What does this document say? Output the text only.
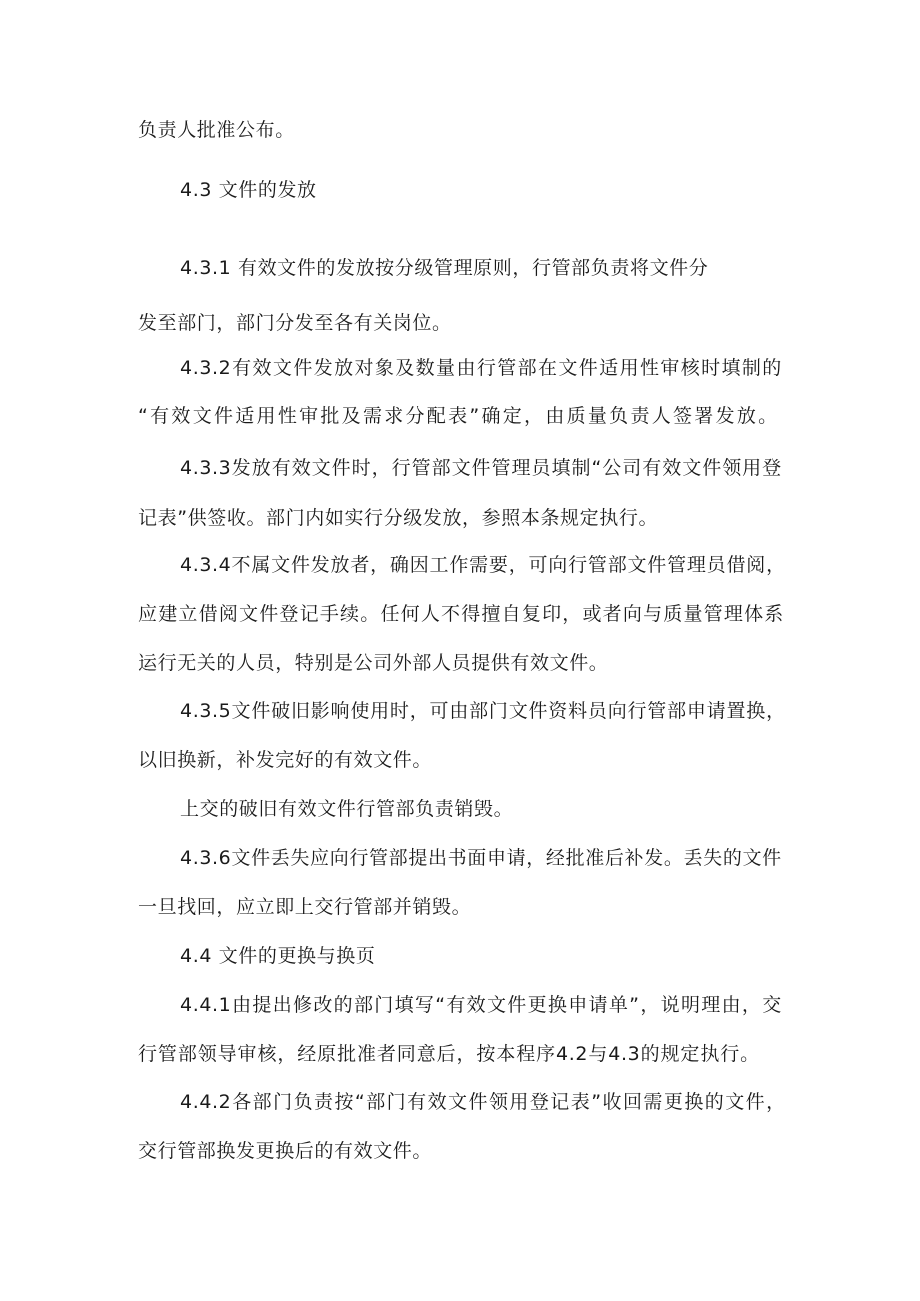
负责人批准公布。

4.3 文件的发放

4.3.1 有效文件的发放按分级管理原则，行管部负责将文件分

发至部门，部门分发至各有关岗位。

4.3.2 有 效 文 件 发 放 对 象 及 数 量 由 行 管 部 在 文 件 适 用 性 审 核 时 填 制 的

“ 有 效 文 件 适 用 性 审 批 及 需 求 分 配 表 ” 确 定 ， 由 质 量 负 责 人 签 署 发 放 。

4.3.3 发 放 有 效 文 件 时 ， 行 管 部 文 件 管 理 员 填 制 “ 公 司 有 效 文 件 领 用 登

记表”供签收。部门内如实行分级发放，参照本条规定执行。

4.3.4 不 属 文 件 发 放 者 ， 确 因 工 作 需 要 ， 可 向 行 管 部 文 件 管 理 员 借 阅 ，

应 建 立 借 阅 文 件 登 记 手 续 。 任 何 人 不 得 擅 自 复 印 ， 或 者 向 与 质 量 管 理 体 系

运行无关的人员，特别是公司外部人员提供有效文件。

4.3.5 文 件 破 旧 影 响 使 用 时 ， 可 由 部 门 文 件 资 料 员 向 行 管 部 申 请 置 换 ，

以旧换新，补发完好的有效文件。

上交的破旧有效文件行管部负责销毁。

4.3.6 文 件 丢 失 应 向 行 管 部 提 出 书 面 申 请 ， 经 批 准 后 补 发 。 丢 失 的 文 件

一旦找回，应立即上交行管部并销毁。

4.4 文件的更换与换页

4.4.1 由 提 出 修 改 的 部 门 填 写 “ 有 效 文 件 更 换 申 请 单 ” ， 说 明 理 由 ， 交

行 管 部 领 导 审 核 ， 经 原 批 准 者 同 意 后 ， 按 本 程 序 4.2 与 4.3 的 规 定 执 行 。

4.4.2 各 部 门 负 责 按 “ 部 门 有 效 文 件 领 用 登 记 表 ” 收 回 需 更 换 的 文 件 ，

交行管部换发更换后的有效文件。
